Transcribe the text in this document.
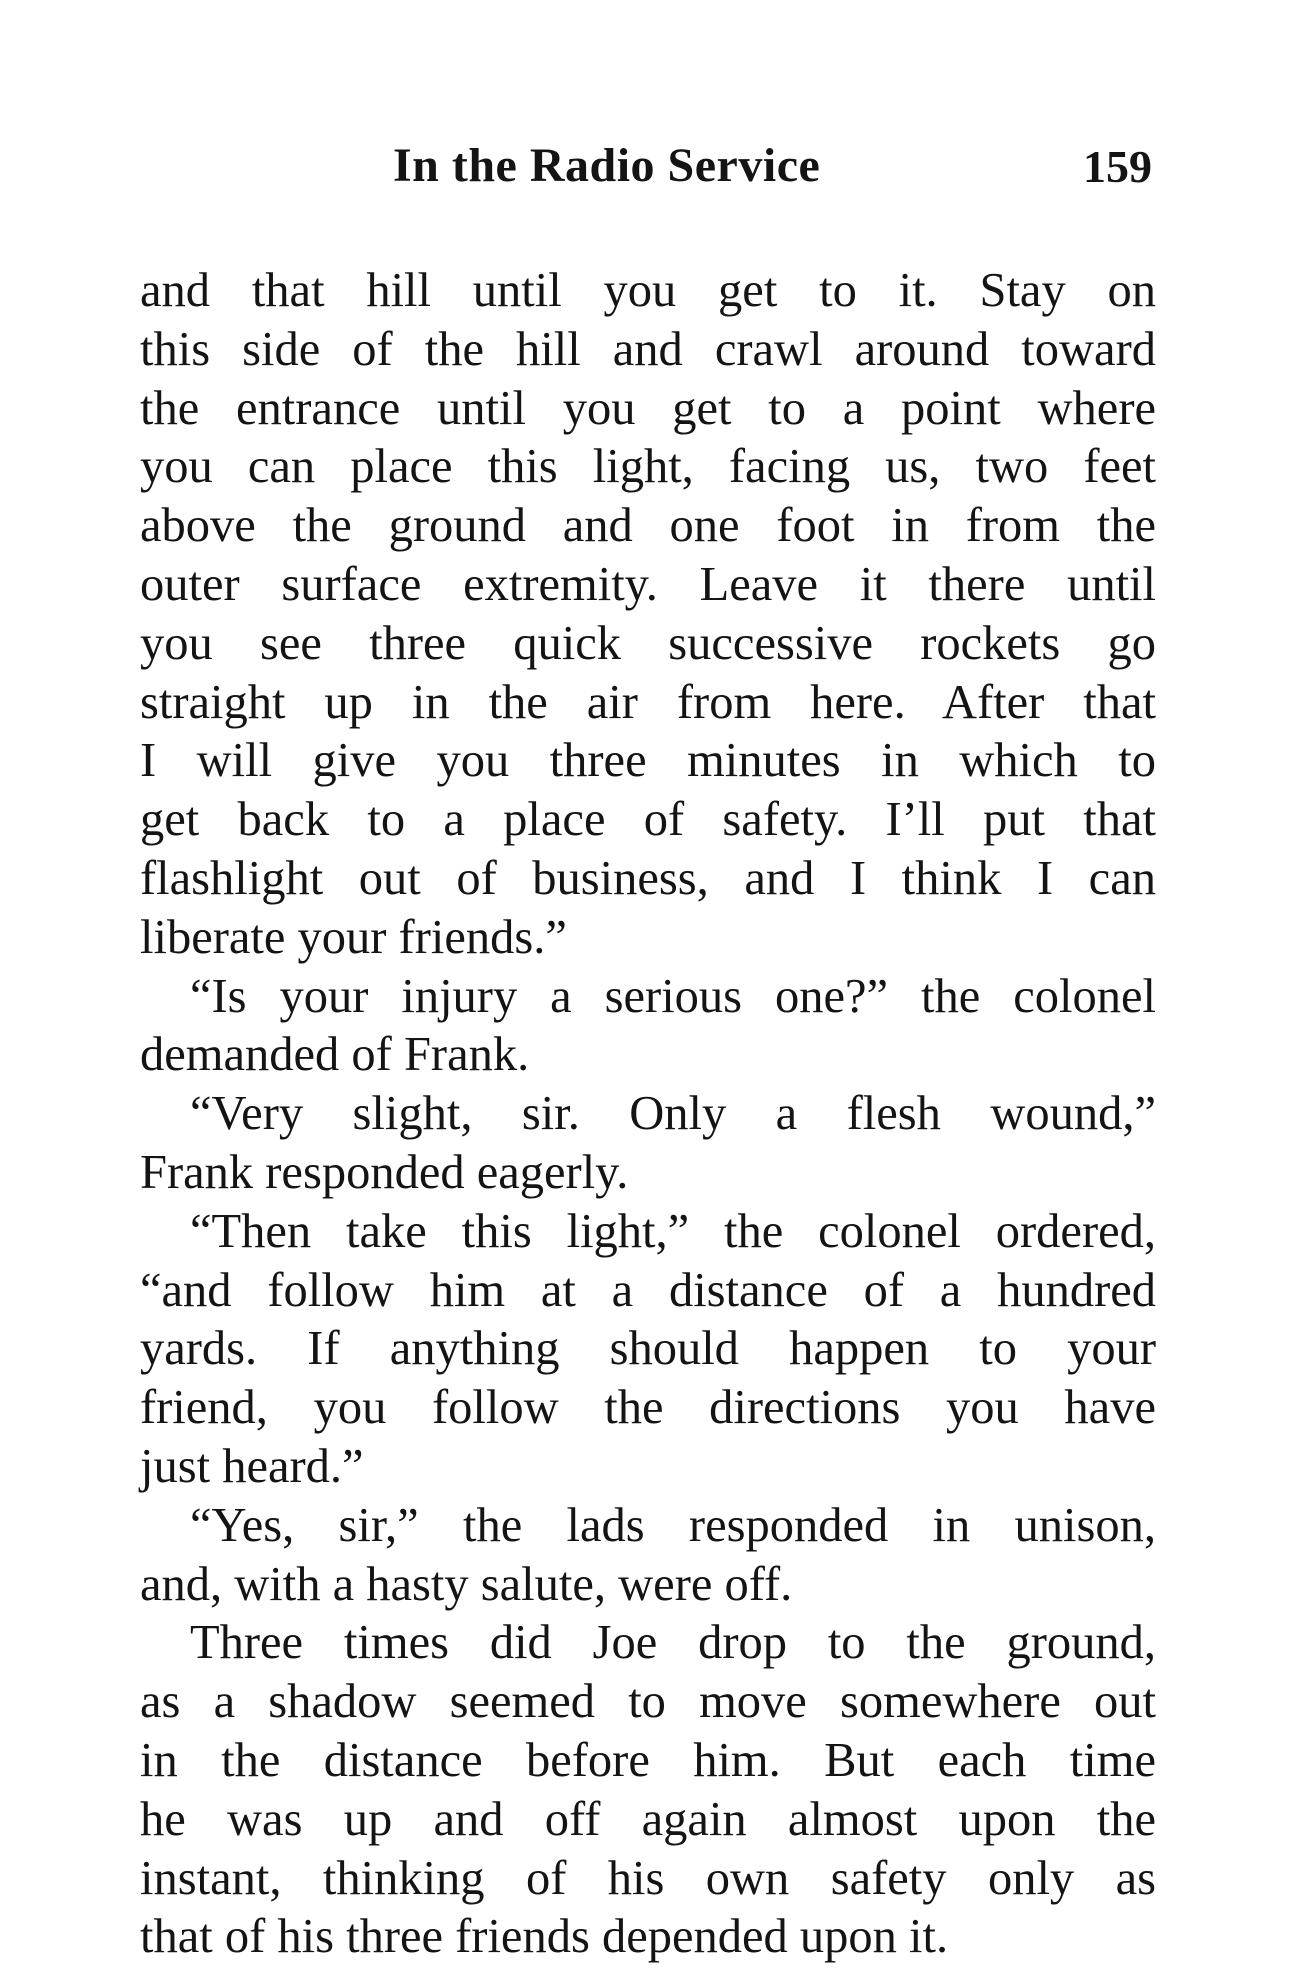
In the Radio Service	159
and that hill until you get to it. Stay on
this side of the hill and crawl around toward
the entrance until you get to a point where
you can place this light, facing us, two feet
above the ground and one foot in from the
outer surface extremity. Leave it there until
you see three quick successive rockets go
straight up in the air from here. After that
I will give you three minutes in which to
get back to a place of safety. I’ll put that
flashlight out of business, and I think I can
liberate your friends.”
“Is your injury a serious one?” the colonel
demanded of Frank.
“Very slight, sir. Only a flesh wound,”
Frank responded eagerly.
“Then take this light,” the colonel ordered,
“and follow him at a distance of a hundred
yards. If anything should happen to your
friend, you follow the directions you have
just heard.”
“Yes, sir,” the lads responded in unison,
and, with a hasty salute, were off.
Three times did Joe drop to the ground,
as a shadow seemed to move somewhere out
in the distance before him. But each time
he was up and off again almost upon the
instant, thinking of his own safety only as
that of his three friends depended upon it.
